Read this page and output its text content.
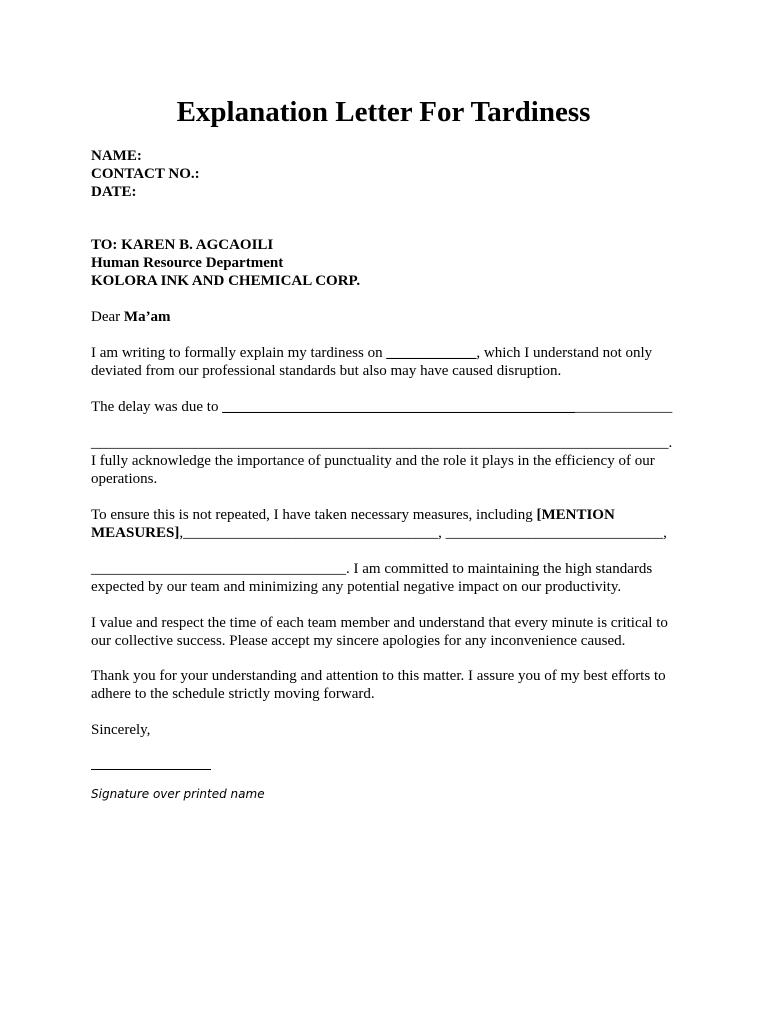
Explanation Letter For Tardiness
NAME:
CONTACT NO.:
DATE:
TO: KAREN B. AGCAOILI
Human Resource Department
KOLORA INK AND CHEMICAL CORP.
Dear Ma’am
I am writing to formally explain my tardiness on ____________, which I understand not only deviated from our professional standards but also may have caused disruption.
The delay was due to ____________________________________________________________
_____________________________________________________________________________.
I fully acknowledge the importance of punctuality and the role it plays in the efficiency of our operations.
To ensure this is not repeated, I have taken necessary measures, including [MENTION MEASURES],__________________________________, _____________________________,
__________________________________. I am committed to maintaining the high standards expected by our team and minimizing any potential negative impact on our productivity.
I value and respect the time of each team member and understand that every minute is critical to our collective success. Please accept my sincere apologies for any inconvenience caused.
Thank you for your understanding and attention to this matter. I assure you of my best efforts to adhere to the schedule strictly moving forward.
Sincerely,
Signature over printed name
